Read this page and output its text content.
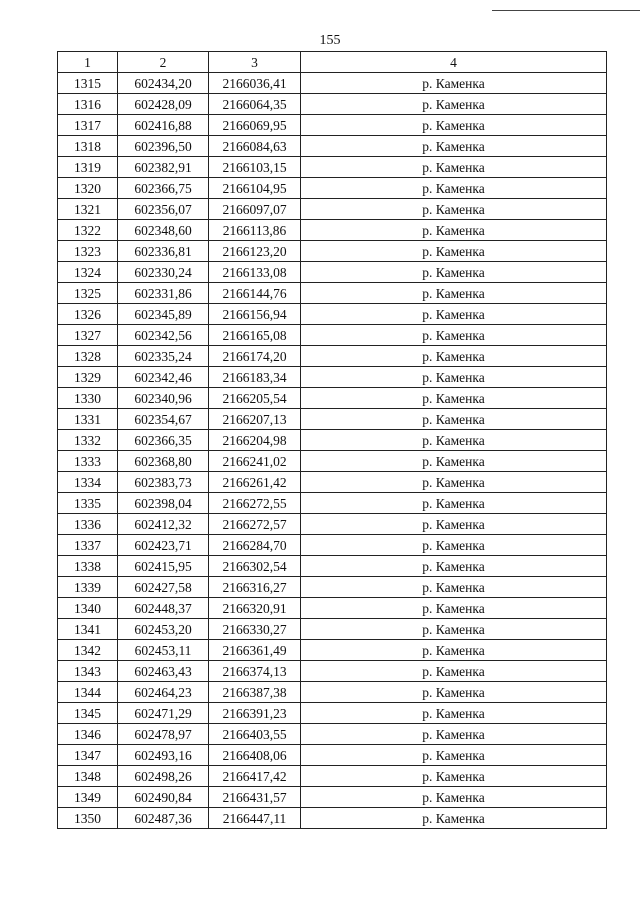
155
1	2	3	4
1315	602434,20	2166036,41	р. Каменка
1316	602428,09	2166064,35	р. Каменка
1317	602416,88	2166069,95	р. Каменка
1318	602396,50	2166084,63	р. Каменка
1319	602382,91	2166103,15	р. Каменка
1320	602366,75	2166104,95	р. Каменка
1321	602356,07	2166097,07	р. Каменка
1322	602348,60	2166113,86	р. Каменка
1323	602336,81	2166123,20	р. Каменка
1324	602330,24	2166133,08	р. Каменка
1325	602331,86	2166144,76	р. Каменка
1326	602345,89	2166156,94	р. Каменка
1327	602342,56	2166165,08	р. Каменка
1328	602335,24	2166174,20	р. Каменка
1329	602342,46	2166183,34	р. Каменка
1330	602340,96	2166205,54	р. Каменка
1331	602354,67	2166207,13	р. Каменка
1332	602366,35	2166204,98	р. Каменка
1333	602368,80	2166241,02	р. Каменка
1334	602383,73	2166261,42	р. Каменка
1335	602398,04	2166272,55	р. Каменка
1336	602412,32	2166272,57	р. Каменка
1337	602423,71	2166284,70	р. Каменка
1338	602415,95	2166302,54	р. Каменка
1339	602427,58	2166316,27	р. Каменка
1340	602448,37	2166320,91	р. Каменка
1341	602453,20	2166330,27	р. Каменка
1342	602453,11	2166361,49	р. Каменка
1343	602463,43	2166374,13	р. Каменка
1344	602464,23	2166387,38	р. Каменка
1345	602471,29	2166391,23	р. Каменка
1346	602478,97	2166403,55	р. Каменка
1347	602493,16	2166408,06	р. Каменка
1348	602498,26	2166417,42	р. Каменка
1349	602490,84	2166431,57	р. Каменка
1350	602487,36	2166447,11	р. Каменка
